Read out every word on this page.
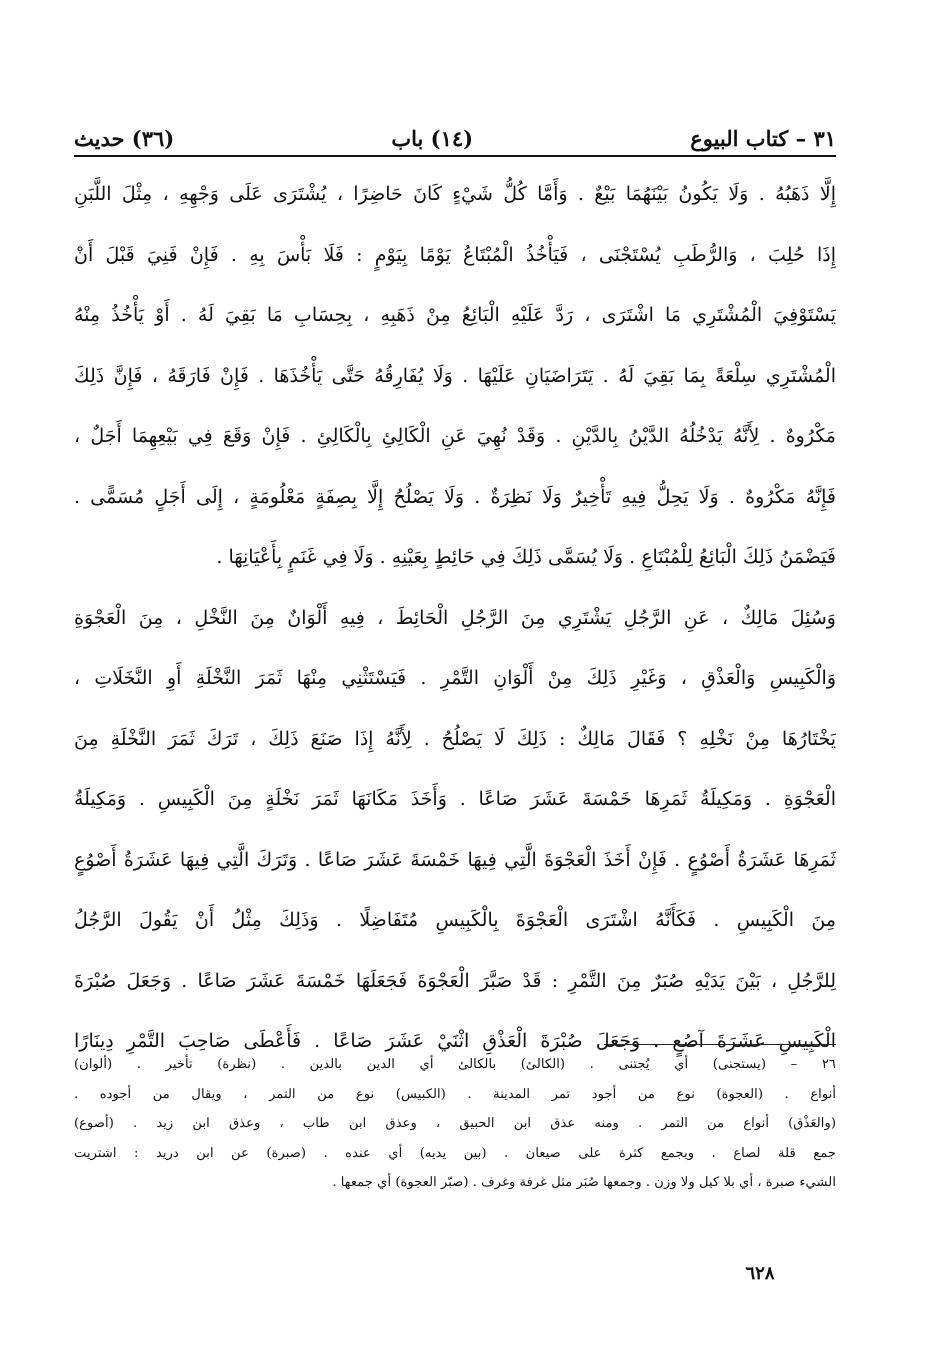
٣١ – كتاب البيوع
(١٤) باب
(٣٦) حديث
إِلَّا ذَهَبُهُ . وَلَا يَكُونُ بَيْنَهُمَا بَيْعٌ . وَأَمَّا كُلُّ شَيْءٍ كَانَ حَاضِرًا ، يُشْتَرَى عَلَى وَجْهِهِ ، مِثْلَ اللَّبَنِ
إِذَا حُلِبَ ، وَالرُّطَبِ يُسْتَجْنَى ، فَيَأْخُذُ الْمُبْتَاعُ يَوْمًا بِيَوْمٍ : فَلَا بَأْسَ بِهِ . فَإِنْ فَنِيَ قَبْلَ أَنْ
يَسْتَوْفِيَ الْمُشْتَرِي مَا اشْتَرَى ، رَدَّ عَلَيْهِ الْبَائِعُ مِنْ ذَهَبِهِ ، بِحِسَابِ مَا بَقِيَ لَهُ . أَوْ يَأْخُذُ مِنْهُ
الْمُشْتَرِي سِلْعَةً بِمَا بَقِيَ لَهُ . يَتَرَاضَيَانِ عَلَيْهَا . وَلَا يُفَارِقُهُ حَتَّى يَأْخُذَهَا . فَإِنْ فَارَقَهُ ، فَإِنَّ ذَلِكَ
مَكْرُوهٌ . لِأَنَّهُ يَدْخُلُهُ الدَّيْنُ بِالدَّيْنِ . وَقَدْ نُهِيَ عَنِ الْكَالِئِ بِالْكَالِئِ . فَإِنْ وَقَعَ فِي بَيْعِهِمَا أَجَلٌ ،
فَإِنَّهُ مَكْرُوهٌ . وَلَا يَحِلُّ فِيهِ تَأْخِيرٌ وَلَا نَظِرَةٌ . وَلَا يَصْلُحُ إِلَّا بِصِفَةٍ مَعْلُومَةٍ ، إِلَى أَجَلٍ مُسَمًّى .
فَيَضْمَنُ ذَلِكَ الْبَائِعُ لِلْمُبْتَاعِ . وَلَا يُسَمَّى ذَلِكَ فِي حَائِطٍ بِعَيْنِهِ . وَلَا فِي غَنَمٍ بِأَعْيَانِهَا .
وَسُئِلَ مَالِكٌ ، عَنِ الرَّجُلِ يَشْتَرِي مِنَ الرَّجُلِ الْحَائِطَ ، فِيهِ أَلْوَانٌ مِنَ النَّخْلِ ، مِنَ الْعَجْوَةِ
وَالْكَبِيسِ وَالْعَذْقِ ، وَغَيْرِ ذَلِكَ مِنْ أَلْوَانِ التَّمْرِ . فَيَسْتَثْنِي مِنْهَا ثَمَرَ النَّخْلَةِ أَوِ النَّخَلَاتِ ،
يَخْتَارُهَا مِنْ نَخْلِهِ ؟ فَقَالَ مَالِكٌ : ذَلِكَ لَا يَصْلُحُ . لِأَنَّهُ إِذَا صَنَعَ ذَلِكَ ، تَرَكَ ثَمَرَ النَّخْلَةِ مِنَ
الْعَجْوَةِ . وَمَكِيلَةُ ثَمَرِهَا خَمْسَةَ عَشَرَ صَاعًا . وَأَخَذَ مَكَانَهَا ثَمَرَ نَخْلَةٍ مِنَ الْكَبِيسِ . وَمَكِيلَةُ
ثَمَرِهَا عَشَرَةُ أَصْوُعٍ . فَإِنْ أَخَذَ الْعَجْوَةَ الَّتِي فِيهَا خَمْسَةَ عَشَرَ صَاعًا . وَتَرَكَ الَّتِي فِيهَا عَشَرَةُ أَصْوُعٍ
مِنَ الْكَبِيسِ . فَكَأَنَّهُ اشْتَرَى الْعَجْوَةَ بِالْكَبِيسِ مُتَفَاضِلًا . وَذَلِكَ مِثْلُ أَنْ يَقُولَ الرَّجُلُ
لِلرَّجُلِ ، بَيْنَ يَدَيْهِ صُبَرٌ مِنَ التَّمْرِ : قَدْ صَبَّرَ الْعَجْوَةَ فَجَعَلَهَا خَمْسَةَ عَشَرَ صَاعًا . وَجَعَلَ صُبْرَةَ
الْكَبِيسِ عَشَرَةَ آصُعٍ . وَجَعَلَ صُبْرَةَ الْعَذْقِ اثْنَيْ عَشَرَ صَاعًا . فَأَعْطَى صَاحِبَ التَّمْرِ دِينَارًا
٢٦ – (يستجنى) أي يُجتنى . (الكالئ) بالكالئ أي الدين بالدين . (نظرة) تأخير . (ألوان)
أنواع . (العجوة) نوع من أجود تمر المدينة . (الكبيس) نوع من التمر ، ويقال من أجوده .
(والعَذْق) أنواع من التمر . ومنه عذق ابن الحبيق ، وعذق ابن طاب ، وعذق ابن زيد . (أصوع)
جمع قلة لصاع . ويجمع كثرة على صيعان . (بين يديه) أي عنده . (صبرة) عن ابن دريد : اشتريت
الشيء صبرة ، أي بلا كيل ولا وزن . وجمعها صُبَر مثل غرفة وغرف . (صبّر العجوة) أي جمعها .
٦٢٨
